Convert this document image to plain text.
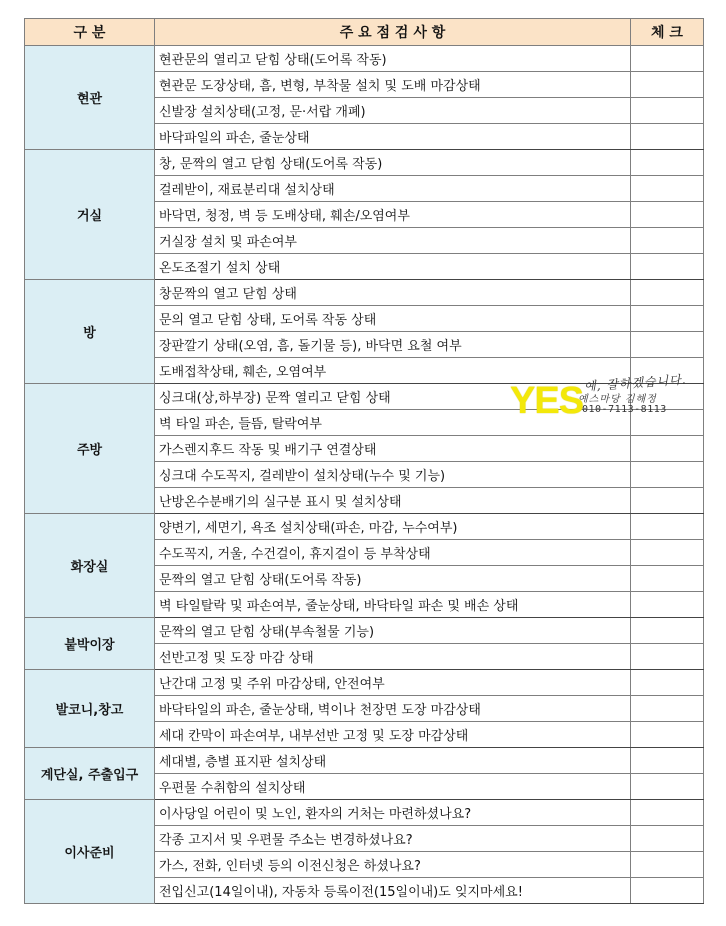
구 분	주 요 점 검 사 항	체 크
현관	현관문의 열리고 닫힘 상태(도어록 작동)	
	현관문 도장상태, 흠, 변형, 부착물 설치 및 도배 마감상태	
	신발장 설치상태(고정, 문·서랍 개폐)	
	바닥파일의 파손, 줄눈상태	
거실	창, 문짝의 열고 닫힘 상태(도어록 작동)	
	걸레받이, 재료분리대 설치상태	
	바닥면, 청정, 벽 등 도배상태, 훼손/오염여부	
	거실장 설치 및 파손여부	
	온도조절기 설치 상태	
방	창문짝의 열고 닫힘 상태	
	문의 열고 닫힘 상태, 도어록 작동 상태	
	장판깔기 상태(오염, 흠, 돌기물 등), 바닥면 요철 여부	
	도배접착상태, 훼손, 오염여부	
주방	싱크대(상,하부장) 문짝 열리고 닫힘 상태	
	벽 타일 파손, 들뜸, 탈락여부	
	가스렌지후드 작동 및 배기구 연결상태	
	싱크대 수도꼭지, 걸레받이 설치상태(누수 및 기능)	
	난방온수분배기의 실구분 표시 및 설치상태	
화장실	양변기, 세면기, 욕조 설치상태(파손, 마감, 누수여부)	
	수도꼭지, 거울, 수건걸이, 휴지걸이 등 부착상태	
	문짝의 열고 닫힘 상태(도어록 작동)	
	벽 타일탈락 및 파손여부, 줄눈상태, 바닥타일 파손 및 배손 상태	
붙박이장	문짝의 열고 닫힘 상태(부속철물 기능)	
	선반고정 및 도장 마감 상태	
발코니,창고	난간대 고정 및 주위 마감상태, 안전여부	
	바닥타일의 파손, 줄눈상태, 벽이나 천장면 도장 마감상태	
	세대 칸막이 파손여부, 내부선반 고정 및 도장 마감상태	
계단실, 주출입구	세대별, 층별 표지판 설치상태	
	우편물 수취함의 설치상태	
이사준비	이사당일 어린이 및 노인, 환자의 거처는 마련하셨나요?	
	각종 고지서 및 우편물 주소는 변경하셨나요?	
	가스, 전화, 인터넷 등의 이전신청은 하셨나요?	
	전입신고(14일이내), 자동차 등록이전(15일이내)도 잊지마세요!	
YES 예, 잘하겠습니다.
예스마당 김해정
010-7113-8113
